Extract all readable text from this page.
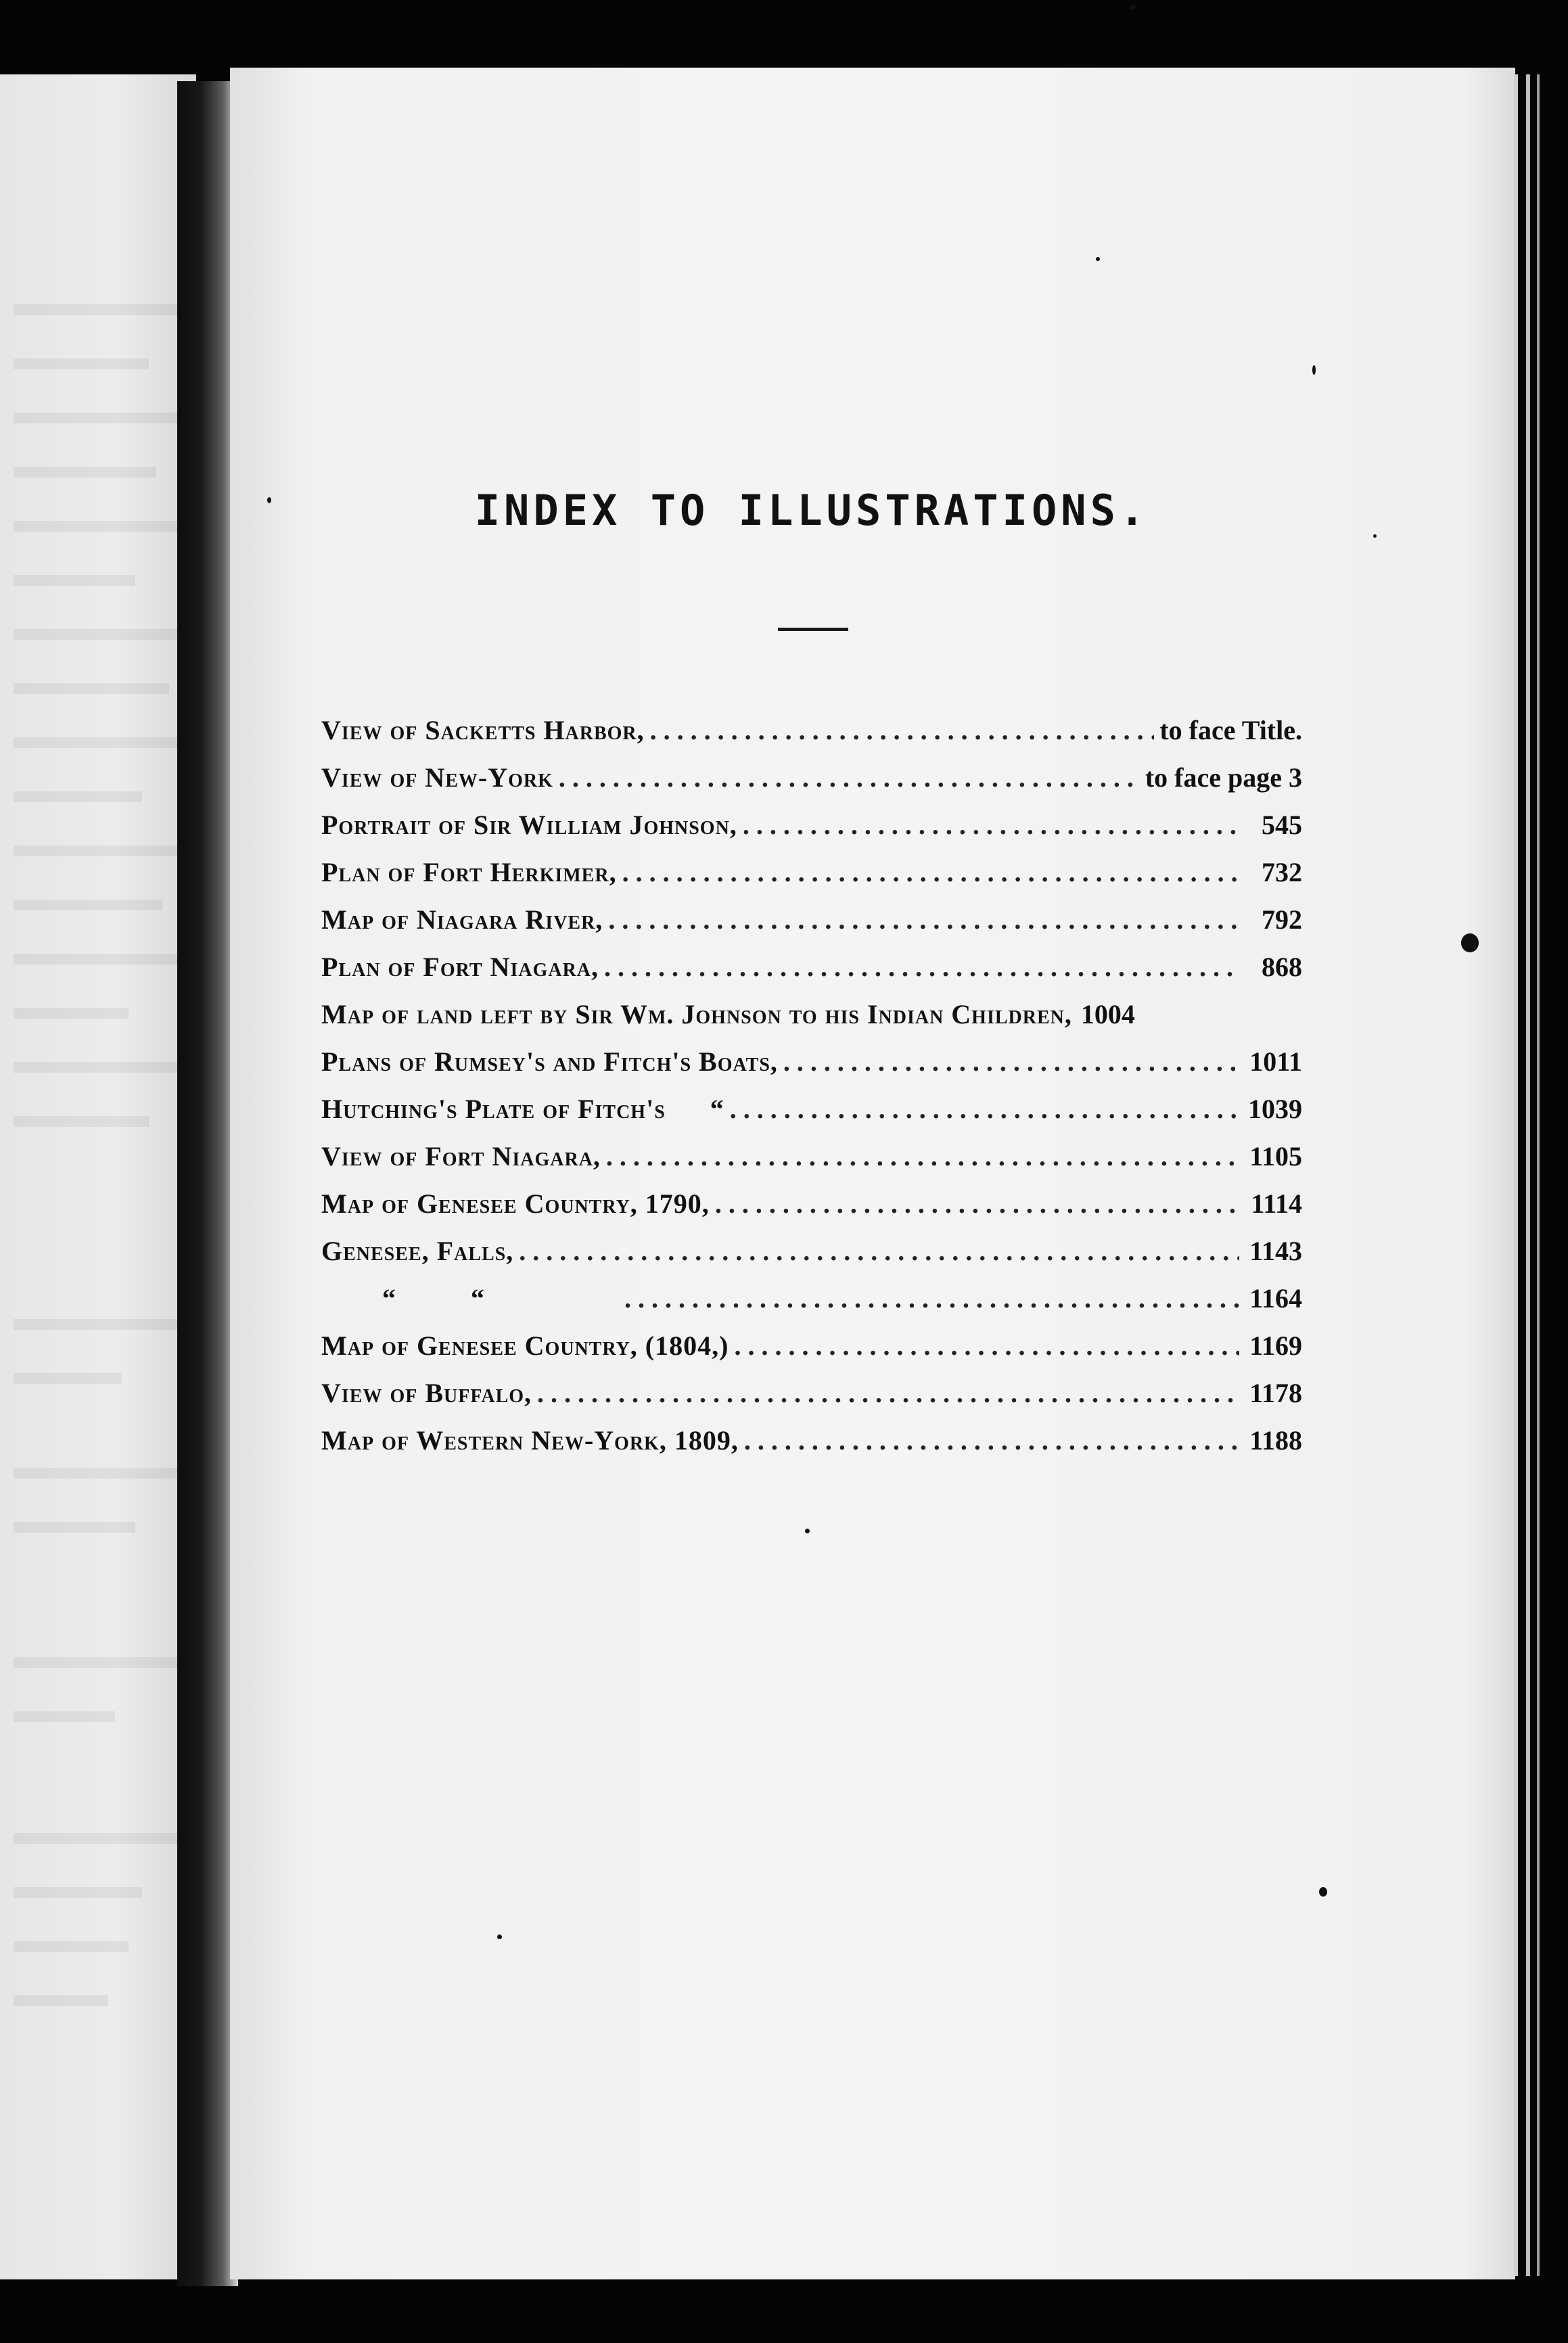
INDEX TO ILLUSTRATIONS.
View of Sacketts Harbor, . . .	to face Title.
View of New-York . . .	to face page 3
Portrait of Sir William Johnson, . . .	545
Plan of Fort Herkimer, . . .	732
Map of Niagara River, . . .	792
Plan of Fort Niagara, . . .	868
Map of land left by Sir Wm. Johnson to his Indian Children, 1004
Plans of Rumsey's and Fitch's Boats, . . .	1011
Hutching's Plate of Fitch's      “ . . .	1039
View of Fort Niagara, . . .	1105
Map of Genesee Country, 1790, . . .	1114
Genesee, Falls, . . .	1143
“          “ . . .	1164
Map of Genesee Country, (1804,) . . .	1169
View of Buffalo, . . .	1178
Map of Western New-York, 1809, . . .	1188
